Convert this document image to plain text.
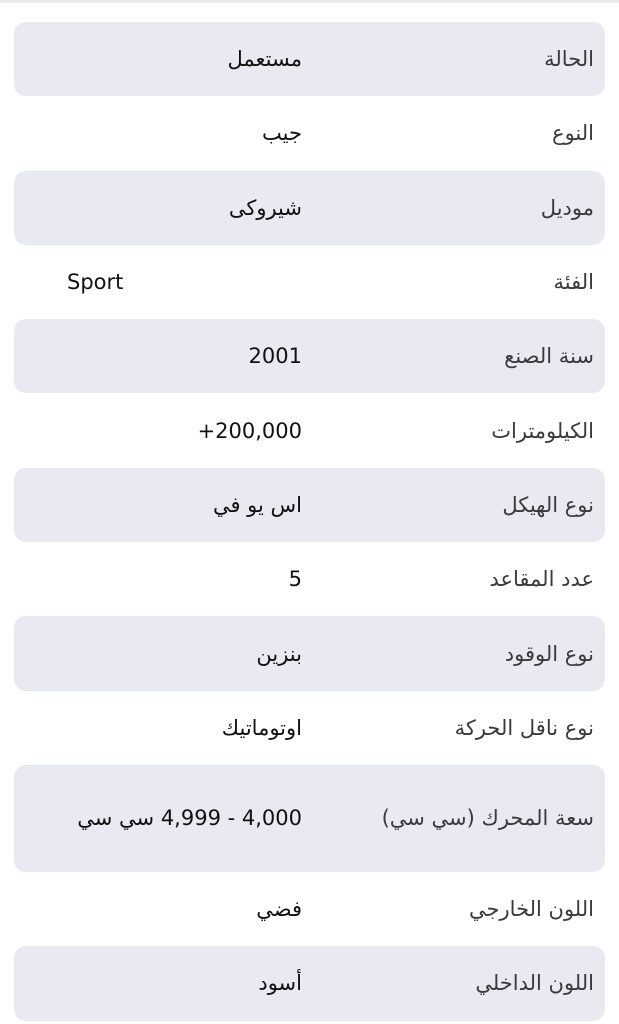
الحالة
مستعمل
النوع
جيب
موديل
شيروكى
الفئة
Sport
سنة الصنع
2001
الكيلومترات
+200,000
نوع الهيكل
اس يو في
عدد المقاعد
5
نوع الوقود
بنزين
نوع ناقل الحركة
اوتوماتيك
سعة المحرك (سي سي)
4,000 - 4,999 سي سي
اللون الخارجي
فضي
اللون الداخلي
أسود
